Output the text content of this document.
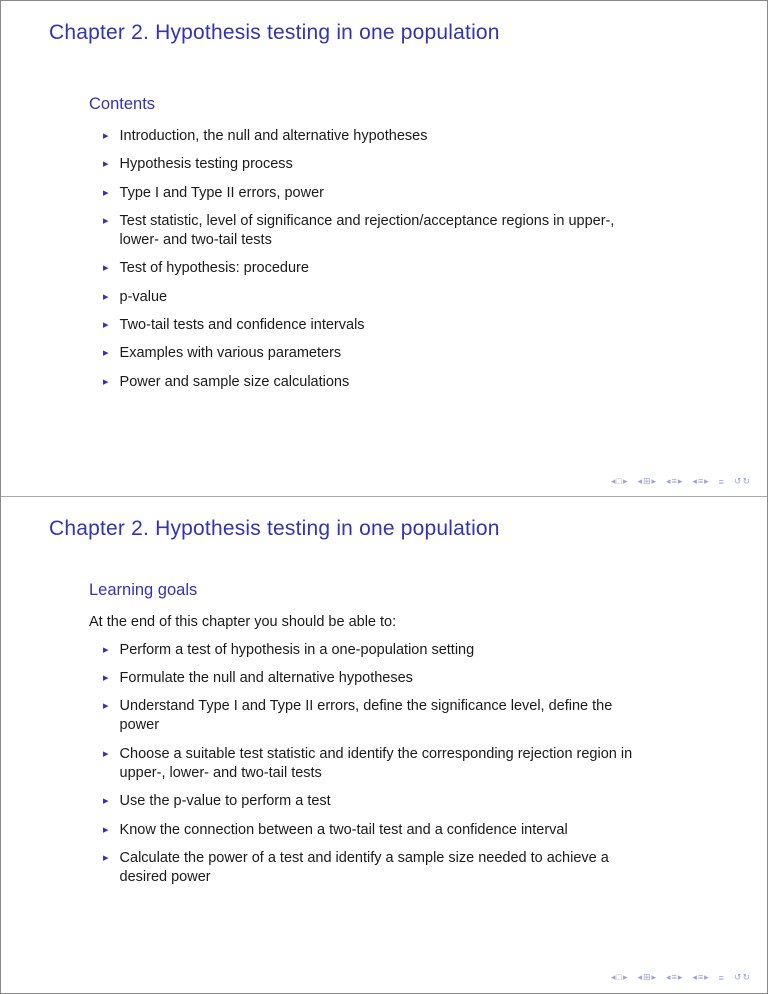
Chapter 2. Hypothesis testing in one population
Contents
▸ Introduction, the null and alternative hypotheses
▸ Hypothesis testing process
▸ Type I and Type II errors, power
▸ Test statistic, level of significance and rejection/acceptance regions in upper-, lower- and two-tail tests
▸ Test of hypothesis: procedure
▸ p-value
▸ Two-tail tests and confidence intervals
▸ Examples with various parameters
▸ Power and sample size calculations
◂□▸ ◂⊞▸ ◂≡▸ ◂≡▸ ≡ ↺↻
Chapter 2. Hypothesis testing in one population
Learning goals
At the end of this chapter you should be able to:
▸ Perform a test of hypothesis in a one-population setting
▸ Formulate the null and alternative hypotheses
▸ Understand Type I and Type II errors, define the significance level, define the power
▸ Choose a suitable test statistic and identify the corresponding rejection region in upper-, lower- and two-tail tests
▸ Use the p-value to perform a test
▸ Know the connection between a two-tail test and a confidence interval
▸ Calculate the power of a test and identify a sample size needed to achieve a desired power
◂□▸ ◂⊞▸ ◂≡▸ ◂≡▸ ≡ ↺↻
